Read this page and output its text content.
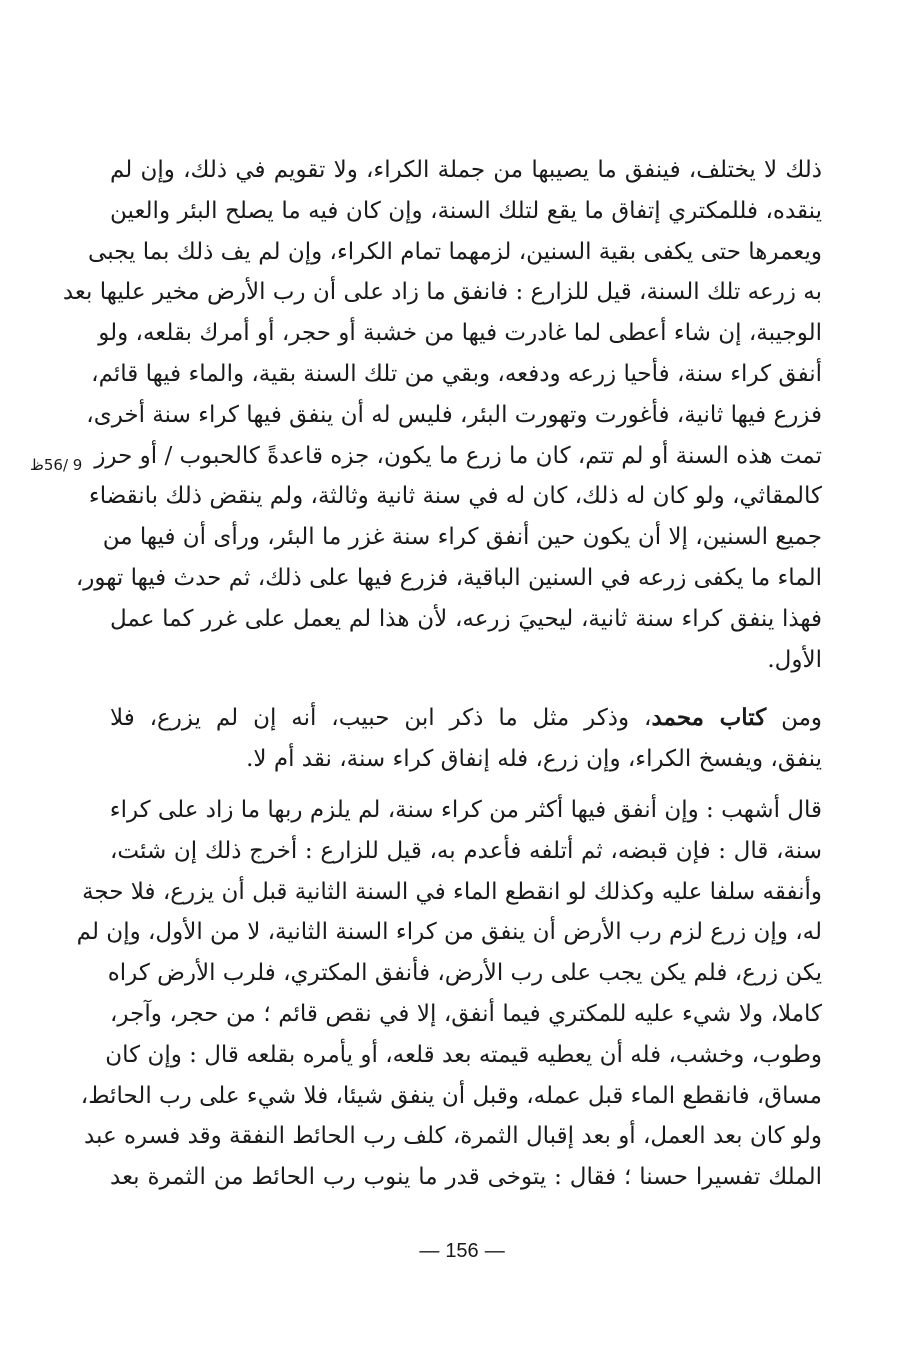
9 /56ظ
ذلك لا يختلف، فينفق ما يصيبها من جملة الكراء، ولا تقويم في ذلك، وإن لم
ينقده، فللمكتري إتفاق ما يقع لتلك السنة، وإن كان فيه ما يصلح البئر والعين
ويعمرها حتى يكفى بقية السنين، لزمهما تمام الكراء، وإن لم يف ذلك بما يجبى
به زرعه تلك السنة، قيل للزارع : فانفق ما زاد على أن رب الأرض مخير عليها بعد
الوجيبة، إن شاء أعطى لما غادرت فيها من خشبة أو حجر، أو أمرك بقلعه، ولو
أنفق كراء سنة، فأحيا زرعه ودفعه، وبقي من تلك السنة بقية، والماء فيها قائم،
فزرع فيها ثانية، فأغورت وتهورت البئر، فليس له أن ينفق فيها كراء سنة أخرى،
تمت هذه السنة أو لم تتم، كان ما زرع ما يكون، جزه قاعدةً كالحبوب / أو حرز
كالمقاثي، ولو كان له ذلك، كان له في سنة ثانية وثالثة، ولم ينقض ذلك بانقضاء
جميع السنين، إلا أن يكون حين أنفق كراء سنة غزر ما البئر، ورأى أن فيها من
الماء ما يكفى زرعه في السنين الباقية، فزرع فيها على ذلك، ثم حدث فيها تهور،
فهذا ينفق كراء سنة ثانية، ليحييَ زرعه، لأن هذا لم يعمل على غرر كما عمل
الأول.
ومن كتاب محمد، وذكر مثل ما ذكر ابن حبيب، أنه إن لم يزرع، فلا
ينفق، ويفسخ الكراء، وإن زرع، فله إنفاق كراء سنة، نقد أم لا.
قال أشهب : وإن أنفق فيها أكثر من كراء سنة، لم يلزم ربها ما زاد على كراء
سنة، قال : فإن قبضه، ثم أتلفه فأعدم به، قيل للزارع : أخرج ذلك إن شئت،
وأنفقه سلفا عليه وكذلك لو انقطع الماء في السنة الثانية قبل أن يزرع، فلا حجة
له، وإن زرع لزم رب الأرض أن ينفق من كراء السنة الثانية، لا من الأول، وإن لم
يكن زرع، فلم يكن يجب على رب الأرض، فأنفق المكتري، فلرب الأرض كراه
كاملا، ولا شيء عليه للمكتري فيما أنفق، إلا في نقص قائم ؛ من حجر، وآجر،
وطوب، وخشب، فله أن يعطيه قيمته بعد قلعه، أو يأمره بقلعه قال : وإن كان
مساق، فانقطع الماء قبل عمله، وقبل أن ينفق شيئا، فلا شيء على رب الحائط،
ولو كان بعد العمل، أو بعد إقبال الثمرة، كلف رب الحائط النفقة وقد فسره عبد
الملك تفسيرا حسنا ؛ فقال : يتوخى قدر ما ينوب رب الحائط من الثمرة بعد
— 156 —
